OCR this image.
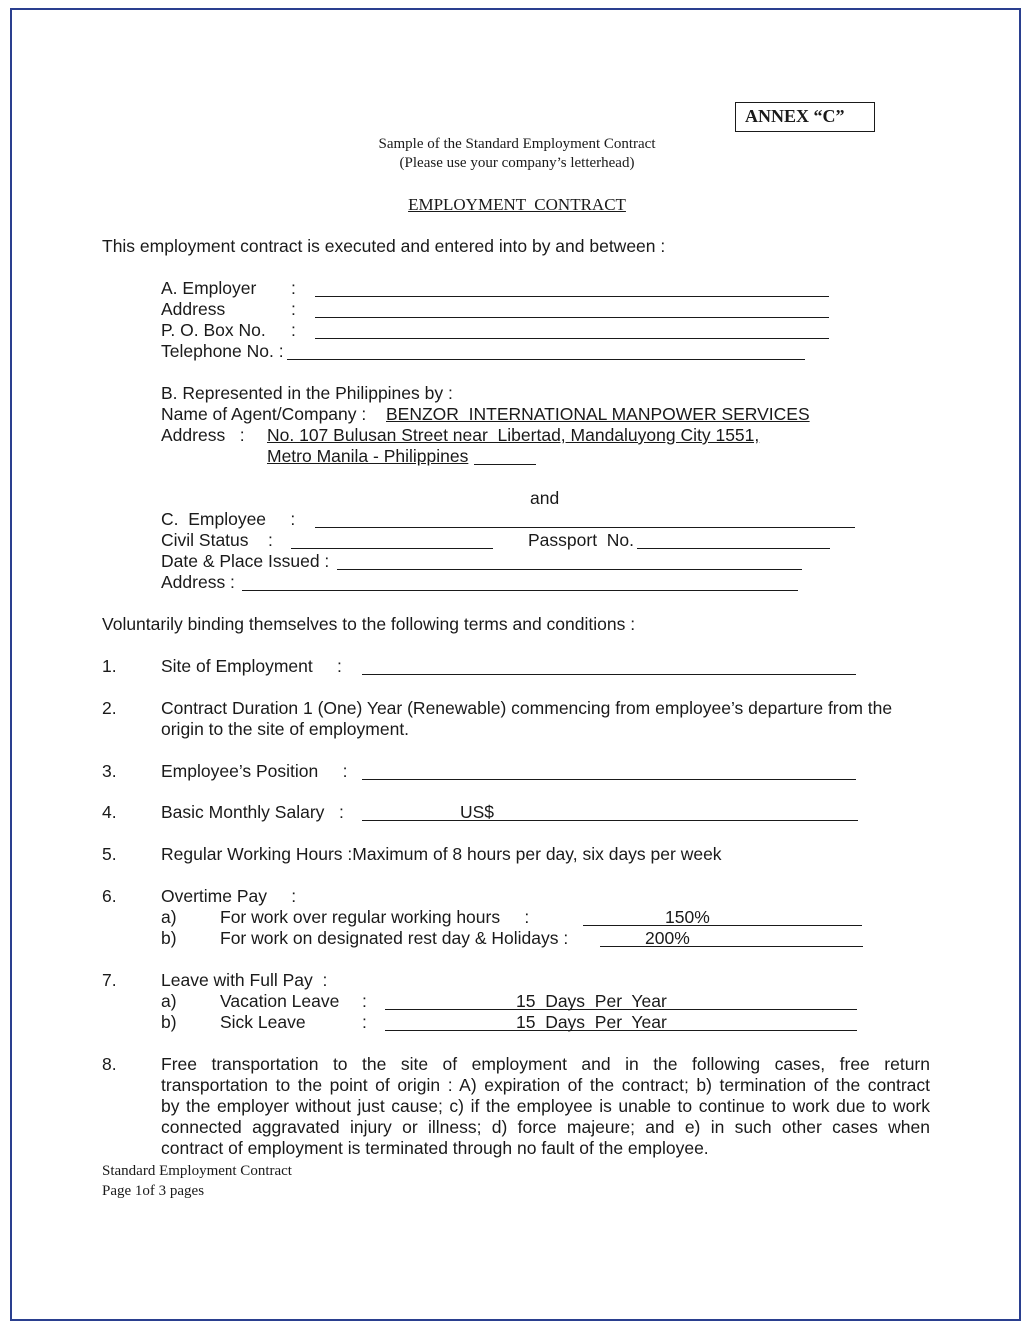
ANNEX “C”
Sample of the Standard Employment Contract
(Please use your company’s letterhead)
EMPLOYMENT  CONTRACT
This employment contract is executed and entered into by and between :
A. Employer :
Address	:
P. O. Box No. :
Telephone No. :
B. Represented in the Philippines by :
Name of Agent/Company : BENZOR  INTERNATIONAL MANPOWER SERVICES
Address   : No. 107 Bulusan Street near  Libertad, Mandaluyong City 1551,
Metro Manila - Philippines
and
C.  Employee     :
Civil Status    :	Passport  No.
Date & Place Issued :
Address :
Voluntarily binding themselves to the following terms and conditions :
1.	Site of Employment     :
2.	Contract Duration 1 (One) Year (Renewable) commencing from employee’s departure from the
origin to the site of employment.
3.	Employee’s Position     :
4.	Basic Monthly Salary   :	US$
5.	Regular Working Hours :Maximum of 8 hours per day, six days per week
6.	Overtime Pay     :
a) For work over regular working hours     :	150%
b) For work on designated rest day & Holidays :	200%
7.	Leave with Full Pay  :
a) Vacation Leave :	15  Days  Per  Year
b) Sick Leave	:	15  Days  Per  Year
8.	Free transportation to the site of employment and in the following cases, free return
transportation to the point of origin : A) expiration of the contract; b) termination of the contract
by the employer without just cause; c) if the employee is unable to continue to work due to work
connected aggravated injury or illness; d) force majeure; and e) in such other cases when
contract of employment is terminated through no fault of the employee.
Standard Employment Contract
Page 1of 3 pages
